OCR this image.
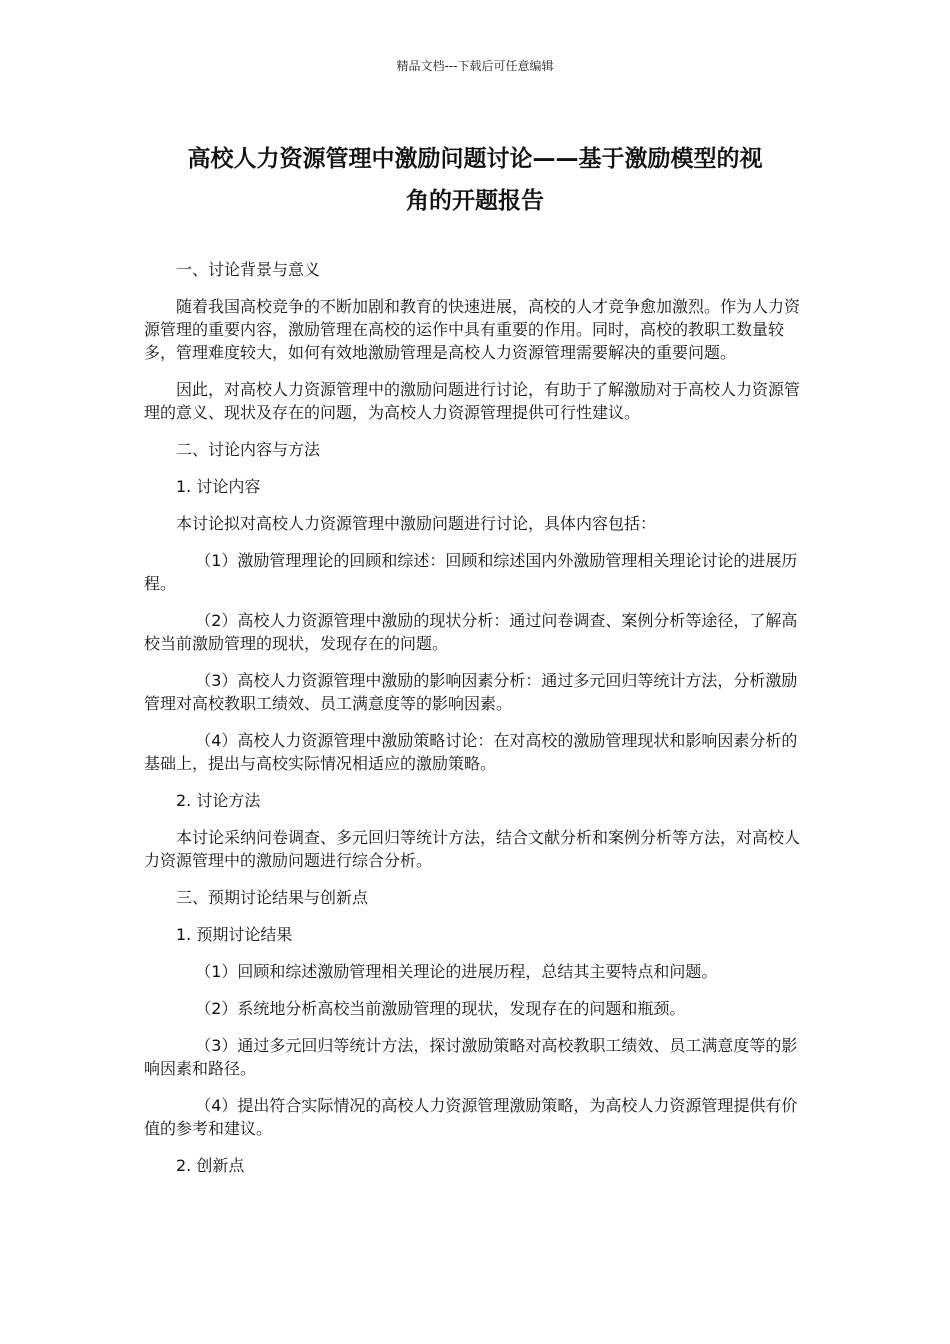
精品文档---下载后可任意编辑
高校人力资源管理中激励问题讨论——基于激励模型的视
角的开题报告

一、讨论背景与意义

随着我国高校竞争的不断加剧和教育的快速进展，高校的人才竞争愈加激烈。作为人力资源管理的重要内容，激励管理在高校的运作中具有重要的作用。同时，高校的教职工数量较多，管理难度较大，如何有效地激励管理是高校人力资源管理需要解决的重要问题。

因此，对高校人力资源管理中的激励问题进行讨论，有助于了解激励对于高校人力资源管理的意义、现状及存在的问题，为高校人力资源管理提供可行性建议。

二、讨论内容与方法

1. 讨论内容

本讨论拟对高校人力资源管理中激励问题进行讨论，具体内容包括：

（1）激励管理理论的回顾和综述：回顾和综述国内外激励管理相关理论讨论的进展历程。

（2）高校人力资源管理中激励的现状分析：通过问卷调查、案例分析等途径，了解高校当前激励管理的现状，发现存在的问题。

（3）高校人力资源管理中激励的影响因素分析：通过多元回归等统计方法，分析激励管理对高校教职工绩效、员工满意度等的影响因素。

（4）高校人力资源管理中激励策略讨论：在对高校的激励管理现状和影响因素分析的基础上，提出与高校实际情况相适应的激励策略。

2. 讨论方法

本讨论采纳问卷调查、多元回归等统计方法，结合文献分析和案例分析等方法，对高校人力资源管理中的激励问题进行综合分析。

三、预期讨论结果与创新点

1. 预期讨论结果

（1）回顾和综述激励管理相关理论的进展历程，总结其主要特点和问题。

（2）系统地分析高校当前激励管理的现状，发现存在的问题和瓶颈。

（3）通过多元回归等统计方法，探讨激励策略对高校教职工绩效、员工满意度等的影响因素和路径。

（4）提出符合实际情况的高校人力资源管理激励策略，为高校人力资源管理提供有价值的参考和建议。

2. 创新点
